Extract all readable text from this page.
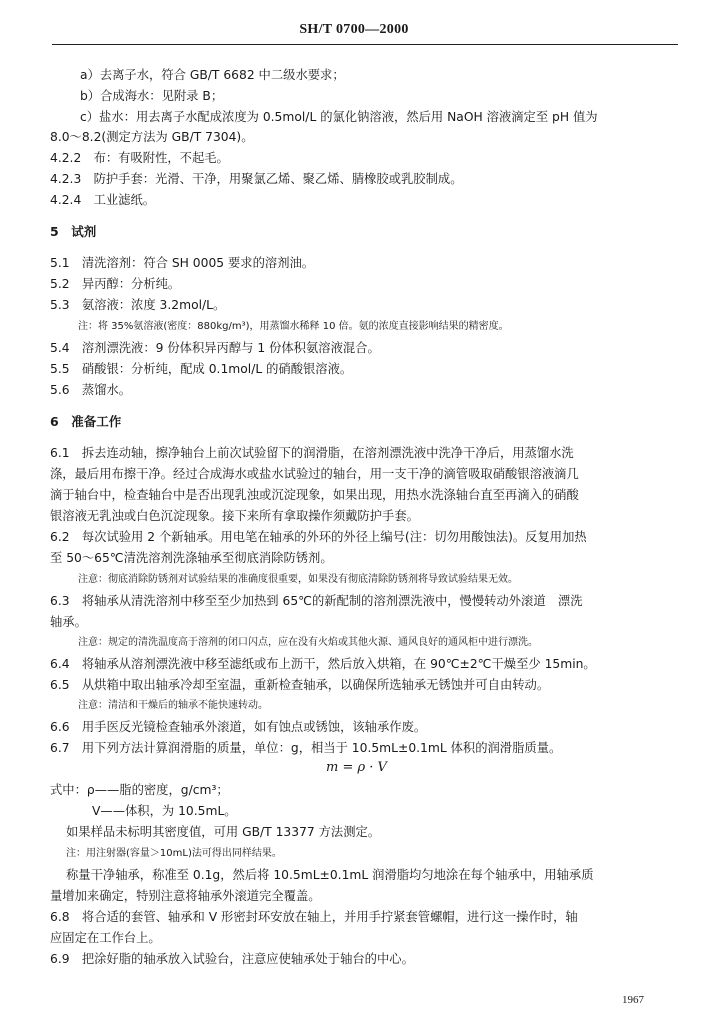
SH/T 0700—2000
a）去离子水，符合 GB/T 6682 中二级水要求；
b）合成海水：见附录 B；
c）盐水：用去离子水配成浓度为 0.5mol/L 的氯化钠溶液，然后用 NaOH 溶液滴定至 pH 值为
8.0～8.2(测定方法为 GB/T 7304)。
4.2.2　布：有吸附性，不起毛。
4.2.3　防护手套：光滑、干净，用聚氯乙烯、聚乙烯、腈橡胶或乳胶制成。
4.2.4　工业滤纸。
5　试剂
5.1　清洗溶剂：符合 SH 0005 要求的溶剂油。
5.2　异丙醇：分析纯。
5.3　氨溶液：浓度 3.2mol/L。
注：将 35%氨溶液(密度：880kg/m³)，用蒸馏水稀释 10 倍。氨的浓度直接影响结果的精密度。
5.4　溶剂漂洗液：9 份体积异丙醇与 1 份体积氨溶液混合。
5.5　硝酸银：分析纯，配成 0.1mol/L 的硝酸银溶液。
5.6　蒸馏水。
6　准备工作
6.1　拆去连动轴，擦净轴台上前次试验留下的润滑脂，在溶剂漂洗液中洗净干净后，用蒸馏水洗
涤，最后用布擦干净。经过合成海水或盐水试验过的轴台，用一支干净的滴管吸取硝酸银溶液滴几
滴于轴台中，检查轴台中是否出现乳浊或沉淀现象，如果出现，用热水洗涤轴台直至再滴入的硝酸
银溶液无乳浊或白色沉淀现象。接下来所有拿取操作须戴防护手套。
6.2　每次试验用 2 个新轴承。用电笔在轴承的外环的外径上编号(注：切勿用酸蚀法)。反复用加热
至 50～65℃清洗溶剂洗涤轴承至彻底消除防锈剂。
注意：彻底消除防锈剂对试验结果的准确度很重要，如果没有彻底清除防锈剂将导致试验结果无效。
6.3　将轴承从清洗溶剂中移至至少加热到 65℃的新配制的溶剂漂洗液中，慢慢转动外滚道　漂洗
轴承。
注意：规定的清洗温度高于溶剂的闭口闪点，应在没有火焰或其他火源、通风良好的通风柜中进行漂洗。
6.4　将轴承从溶剂漂洗液中移至滤纸或布上沥干，然后放入烘箱，在 90℃±2℃干燥至少 15min。
6.5　从烘箱中取出轴承冷却至室温，重新检查轴承，以确保所选轴承无锈蚀并可自由转动。
注意：清洁和干燥后的轴承不能快速转动。
6.6　用手医反光镜检查轴承外滚道，如有蚀点或锈蚀，该轴承作废。
6.7　用下列方法计算润滑脂的质量，单位：g，相当于 10.5mL±0.1mL 体积的润滑脂质量。
m = ρ · V
式中：ρ——脂的密度，g/cm³；
V——体积，为 10.5mL。
如果样品未标明其密度值，可用 GB/T 13377 方法测定。
注：用注射器(容量＞10mL)法可得出同样结果。
称量干净轴承，称准至 0.1g，然后将 10.5mL±0.1mL 润滑脂均匀地涂在每个轴承中，用轴承质
量增加来确定，特别注意将轴承外滚道完全覆盖。
6.8　将合适的套管、轴承和 V 形密封环安放在轴上，并用手拧紧套管螺帽，进行这一操作时，轴
应固定在工作台上。
6.9　把涂好脂的轴承放入试验台，注意应使轴承处于轴台的中心。
1967
